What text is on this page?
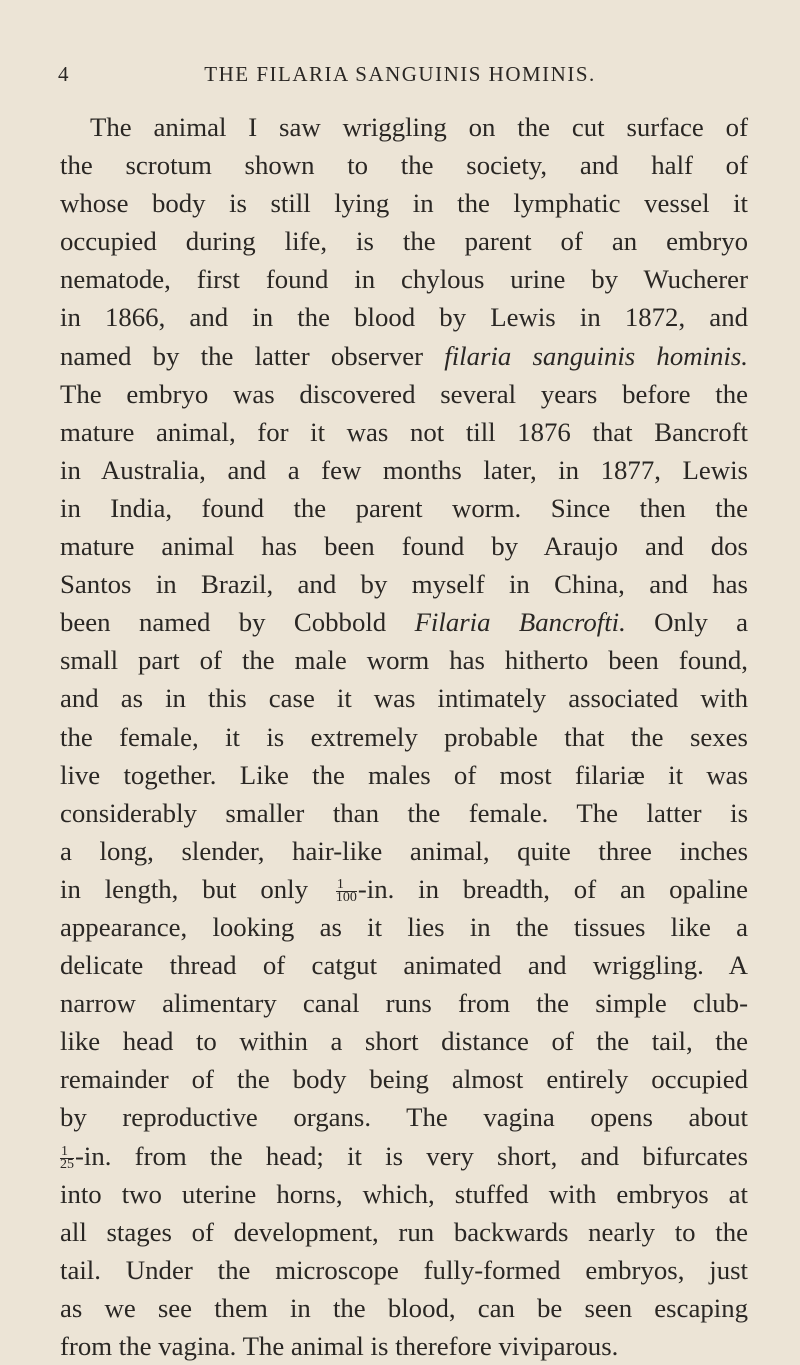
4	THE FILARIA SANGUINIS HOMINIS.
The animal I saw wriggling on the cut surface of
the scrotum shown to the society, and half of
whose body is still lying in the lymphatic vessel it
occupied during life, is the parent of an embryo
nematode, first found in chylous urine by Wucherer
in 1866, and in the blood by Lewis in 1872, and
named by the latter observer filaria sanguinis hominis.
The embryo was discovered several years before the
mature animal, for it was not till 1876 that Bancroft
in Australia, and a few months later, in 1877, Lewis
in India, found the parent worm. Since then the
mature animal has been found by Araujo and dos
Santos in Brazil, and by myself in China, and has
been named by Cobbold Filaria Bancrofti. Only a
small part of the male worm has hitherto been found,
and as in this case it was intimately associated with
the female, it is extremely probable that the sexes
live together. Like the males of most filariæ it was
considerably smaller than the female. The latter is
a long, slender, hair-like animal, quite three inches
in length, but only $\frac{1}{100} -in$. in breadth, of an opaline
appearance, looking as it lies in the tissues like a
delicate thread of catgut animated and wriggling. A
narrow alimentary canal runs from the simple club-
like head to within a short distance of the tail, the
remainder of the body being almost entirely occupied
by reproductive organs. The vagina opens about
$\frac{1}{25} -in$. from the head; it is very short, and bifurcates
into two uterine horns, which, stuffed with embryos at
all stages of development, run backwards nearly to the
tail. Under the microscope fully-formed embryos, just
as we see them in the blood, can be seen escaping
from the vagina. The animal is therefore viviparous.
